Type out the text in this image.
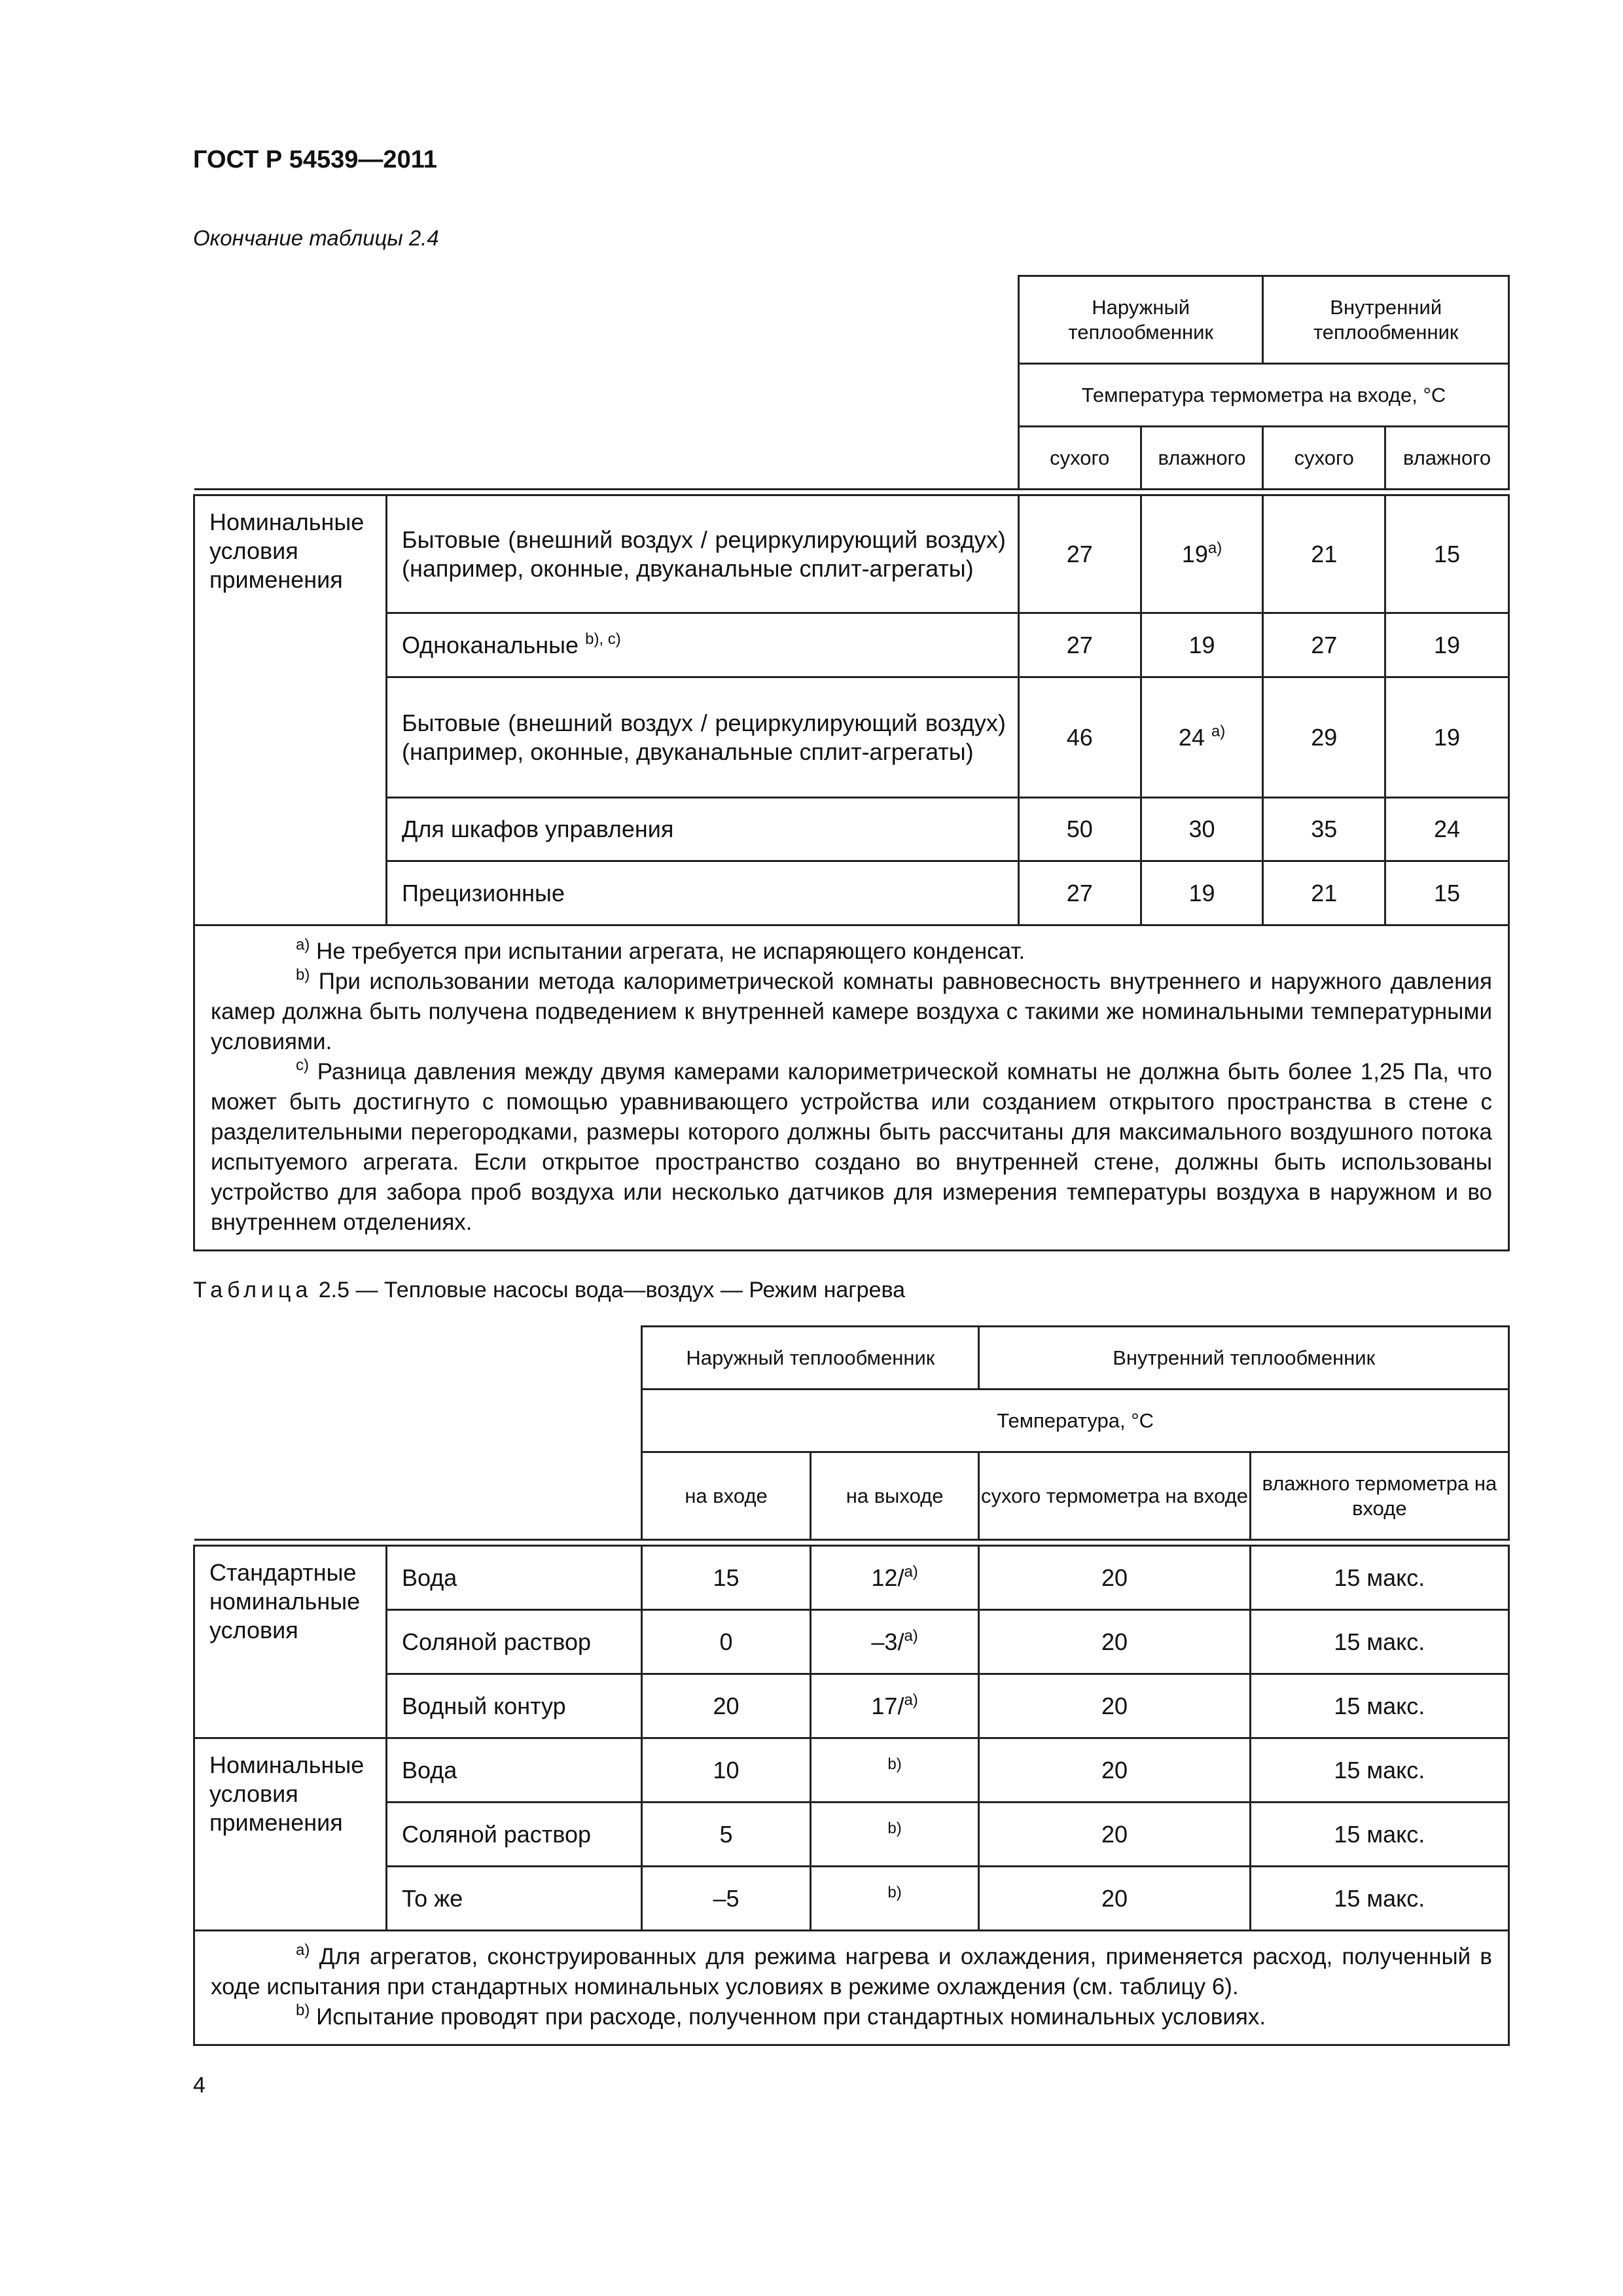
ГОСТ Р 54539—2011
Окончание таблицы 2.4
		Наружный теплообменник		Внутренний теплообменник	
		Температура термометра на входе, °С			
		сухого	влажного	сухого	влажного

Номинальные условия применения	Бытовые (внешний воздух / рециркулирующий воздух) (например, оконные, двуканальные сплит-агрегаты)	27	19$^{a)}$	21	15
	Одноканальные $^{b), c)}$	27	19	27	19
	Бытовые (внешний воздух / рециркулирующий воздух) (например, оконные, двуканальные сплит-агрегаты)	46	24 $^{a)}$	29	19
	Для шкафов управления	50	30	35	24
	Прецизионные	27	19	21	15

$^{a)}$ Не требуется при испытании агрегата, не испаряющего конденсат.
$^{b)}$ При использовании метода калориметрической комнаты равновесность внутреннего и наружного давления камер должна быть получена подведением к внутренней камере воздуха с такими же номинальными температурными условиями.
$^{c)}$ Разница давления между двумя камерами калориметрической комнаты не должна быть более 1,25 Па, что может быть достигнуто с помощью уравнивающего устройства или созданием открытого пространства в стене с разделительными перегородками, размеры которого должны быть рассчитаны для максимального воздушного потока испытуемого агрегата. Если открытое пространство создано во внутренней стене, должны быть использованы устройство для забора проб воздуха или несколько датчиков для измерения температуры воздуха в наружном и во внутреннем отделениях.					
Таблица 2.5 — Тепловые насосы вода—воздух — Режим нагрева
		Наружный теплообменник		Внутренний теплообменник	
		Температура, °С			
		на входе	на выходе	сухого термометра на входе	влажного термометра на входе

Стандартные номинальные условия	Вода	15	12/$^{a)}$	20	15 макс.
	Соляной раствор	0	–3/$^{a)}$	20	15 макс.
	Водный контур	20	17/$^{a)}$	20	15 макс.
Номинальные условия применения	Вода	10	$^{b)}$	20	15 макс.
	Соляной раствор	5	$^{b)}$	20	15 макс.
	То же	–5	$^{b)}$	20	15 макс.

$^{a)}$ Для агрегатов, сконструированных для режима нагрева и охлаждения, применяется расход, полученный в ходе испытания при стандартных номинальных условиях в режиме охлаждения (см. таблицу 6).
$^{b)}$ Испытание проводят при расходе, полученном при стандартных номинальных условиях.					
4
